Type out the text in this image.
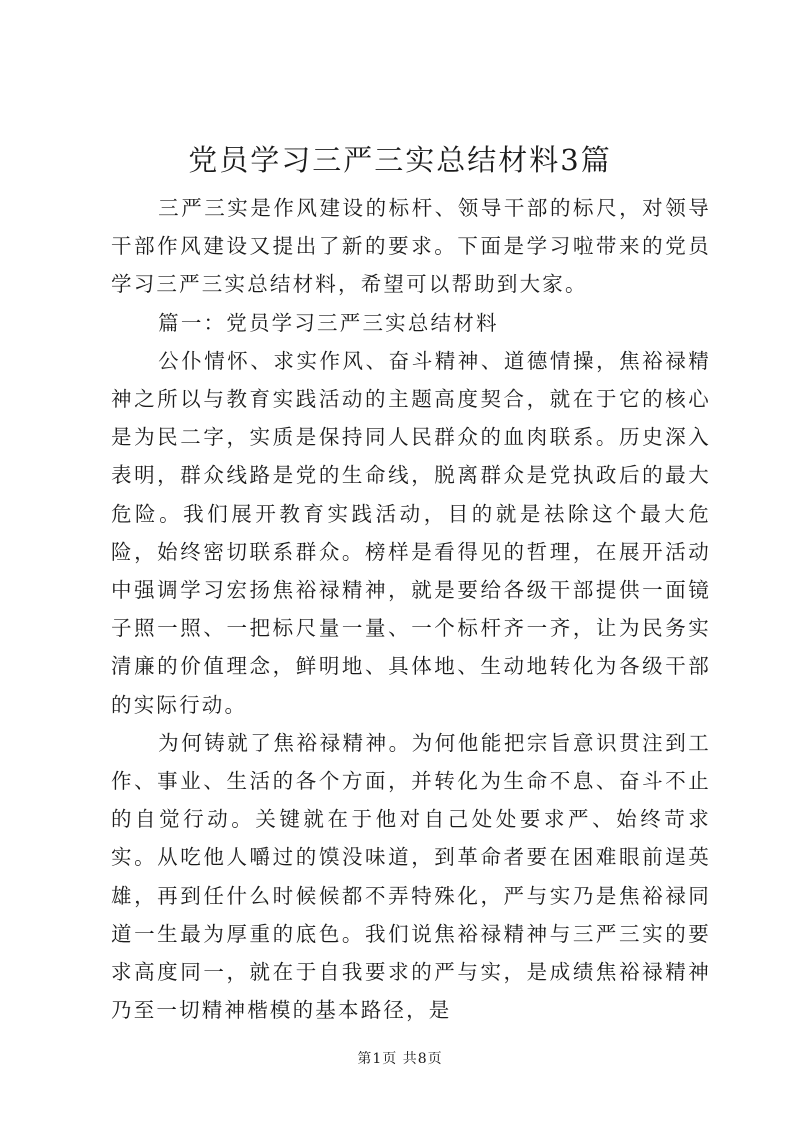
党员学习三严三实总结材料3篇

三严三实是作风建设的标杆、领导干部的标尺，对领导干部作风建设又提出了新的要求。下面是学习啦带来的党员学习三严三实总结材料，希望可以帮助到大家。

篇一：党员学习三严三实总结材料

公仆情怀、求实作风、奋斗精神、道德情操，焦裕禄精神之所以与教育实践活动的主题高度契合，就在于它的核心是为民二字，实质是保持同人民群众的血肉联系。历史深入表明，群众线路是党的生命线，脱离群众是党执政后的最大危险。我们展开教育实践活动，目的就是祛除这个最大危险，始终密切联系群众。榜样是看得见的哲理，在展开活动中强调学习宏扬焦裕禄精神，就是要给各级干部提供一面镜子照一照、一把标尺量一量、一个标杆齐一齐，让为民务实清廉的价值理念，鲜明地、具体地、生动地转化为各级干部的实际行动。

为何铸就了焦裕禄精神。为何他能把宗旨意识贯注到工作、事业、生活的各个方面，并转化为生命不息、奋斗不止的自觉行动。关键就在于他对自己处处要求严、始终苛求实。从吃他人嚼过的馍没味道，到革命者要在困难眼前逞英雄，再到任什么时候候都不弄特殊化，严与实乃是焦裕禄同道一生最为厚重的底色。我们说焦裕禄精神与三严三实的要求高度同一，就在于自我要求的严与实，是成绩焦裕禄精神乃至一切精神楷模的基本路径，是

第1页 共8页
